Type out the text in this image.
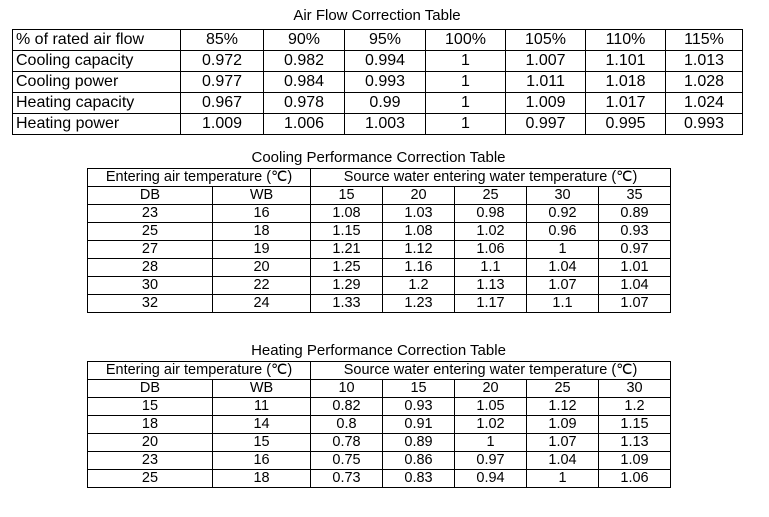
Air Flow Correction Table
% of rated air flow	85%	90%	95%	100%	105%	110%	115%
Cooling capacity	0.972	0.982	0.994	1	1.007	1.101	1.013
Cooling power	0.977	0.984	0.993	1	1.011	1.018	1.028
Heating capacity	0.967	0.978	0.99	1	1.009	1.017	1.024
Heating power	1.009	1.006	1.003	1	0.997	0.995	0.993
Cooling Performance Correction Table
Entering air temperature (℃)		Source water entering water temperature (℃)				
DB	WB	15	20	25	30	35
23	16	1.08	1.03	0.98	0.92	0.89
25	18	1.15	1.08	1.02	0.96	0.93
27	19	1.21	1.12	1.06	1	0.97
28	20	1.25	1.16	1.1	1.04	1.01
30	22	1.29	1.2	1.13	1.07	1.04
32	24	1.33	1.23	1.17	1.1	1.07
Heating Performance Correction Table
Entering air temperature (℃)		Source water entering water temperature (℃)				
DB	WB	10	15	20	25	30
15	11	0.82	0.93	1.05	1.12	1.2
18	14	0.8	0.91	1.02	1.09	1.15
20	15	0.78	0.89	1	1.07	1.13
23	16	0.75	0.86	0.97	1.04	1.09
25	18	0.73	0.83	0.94	1	1.06
